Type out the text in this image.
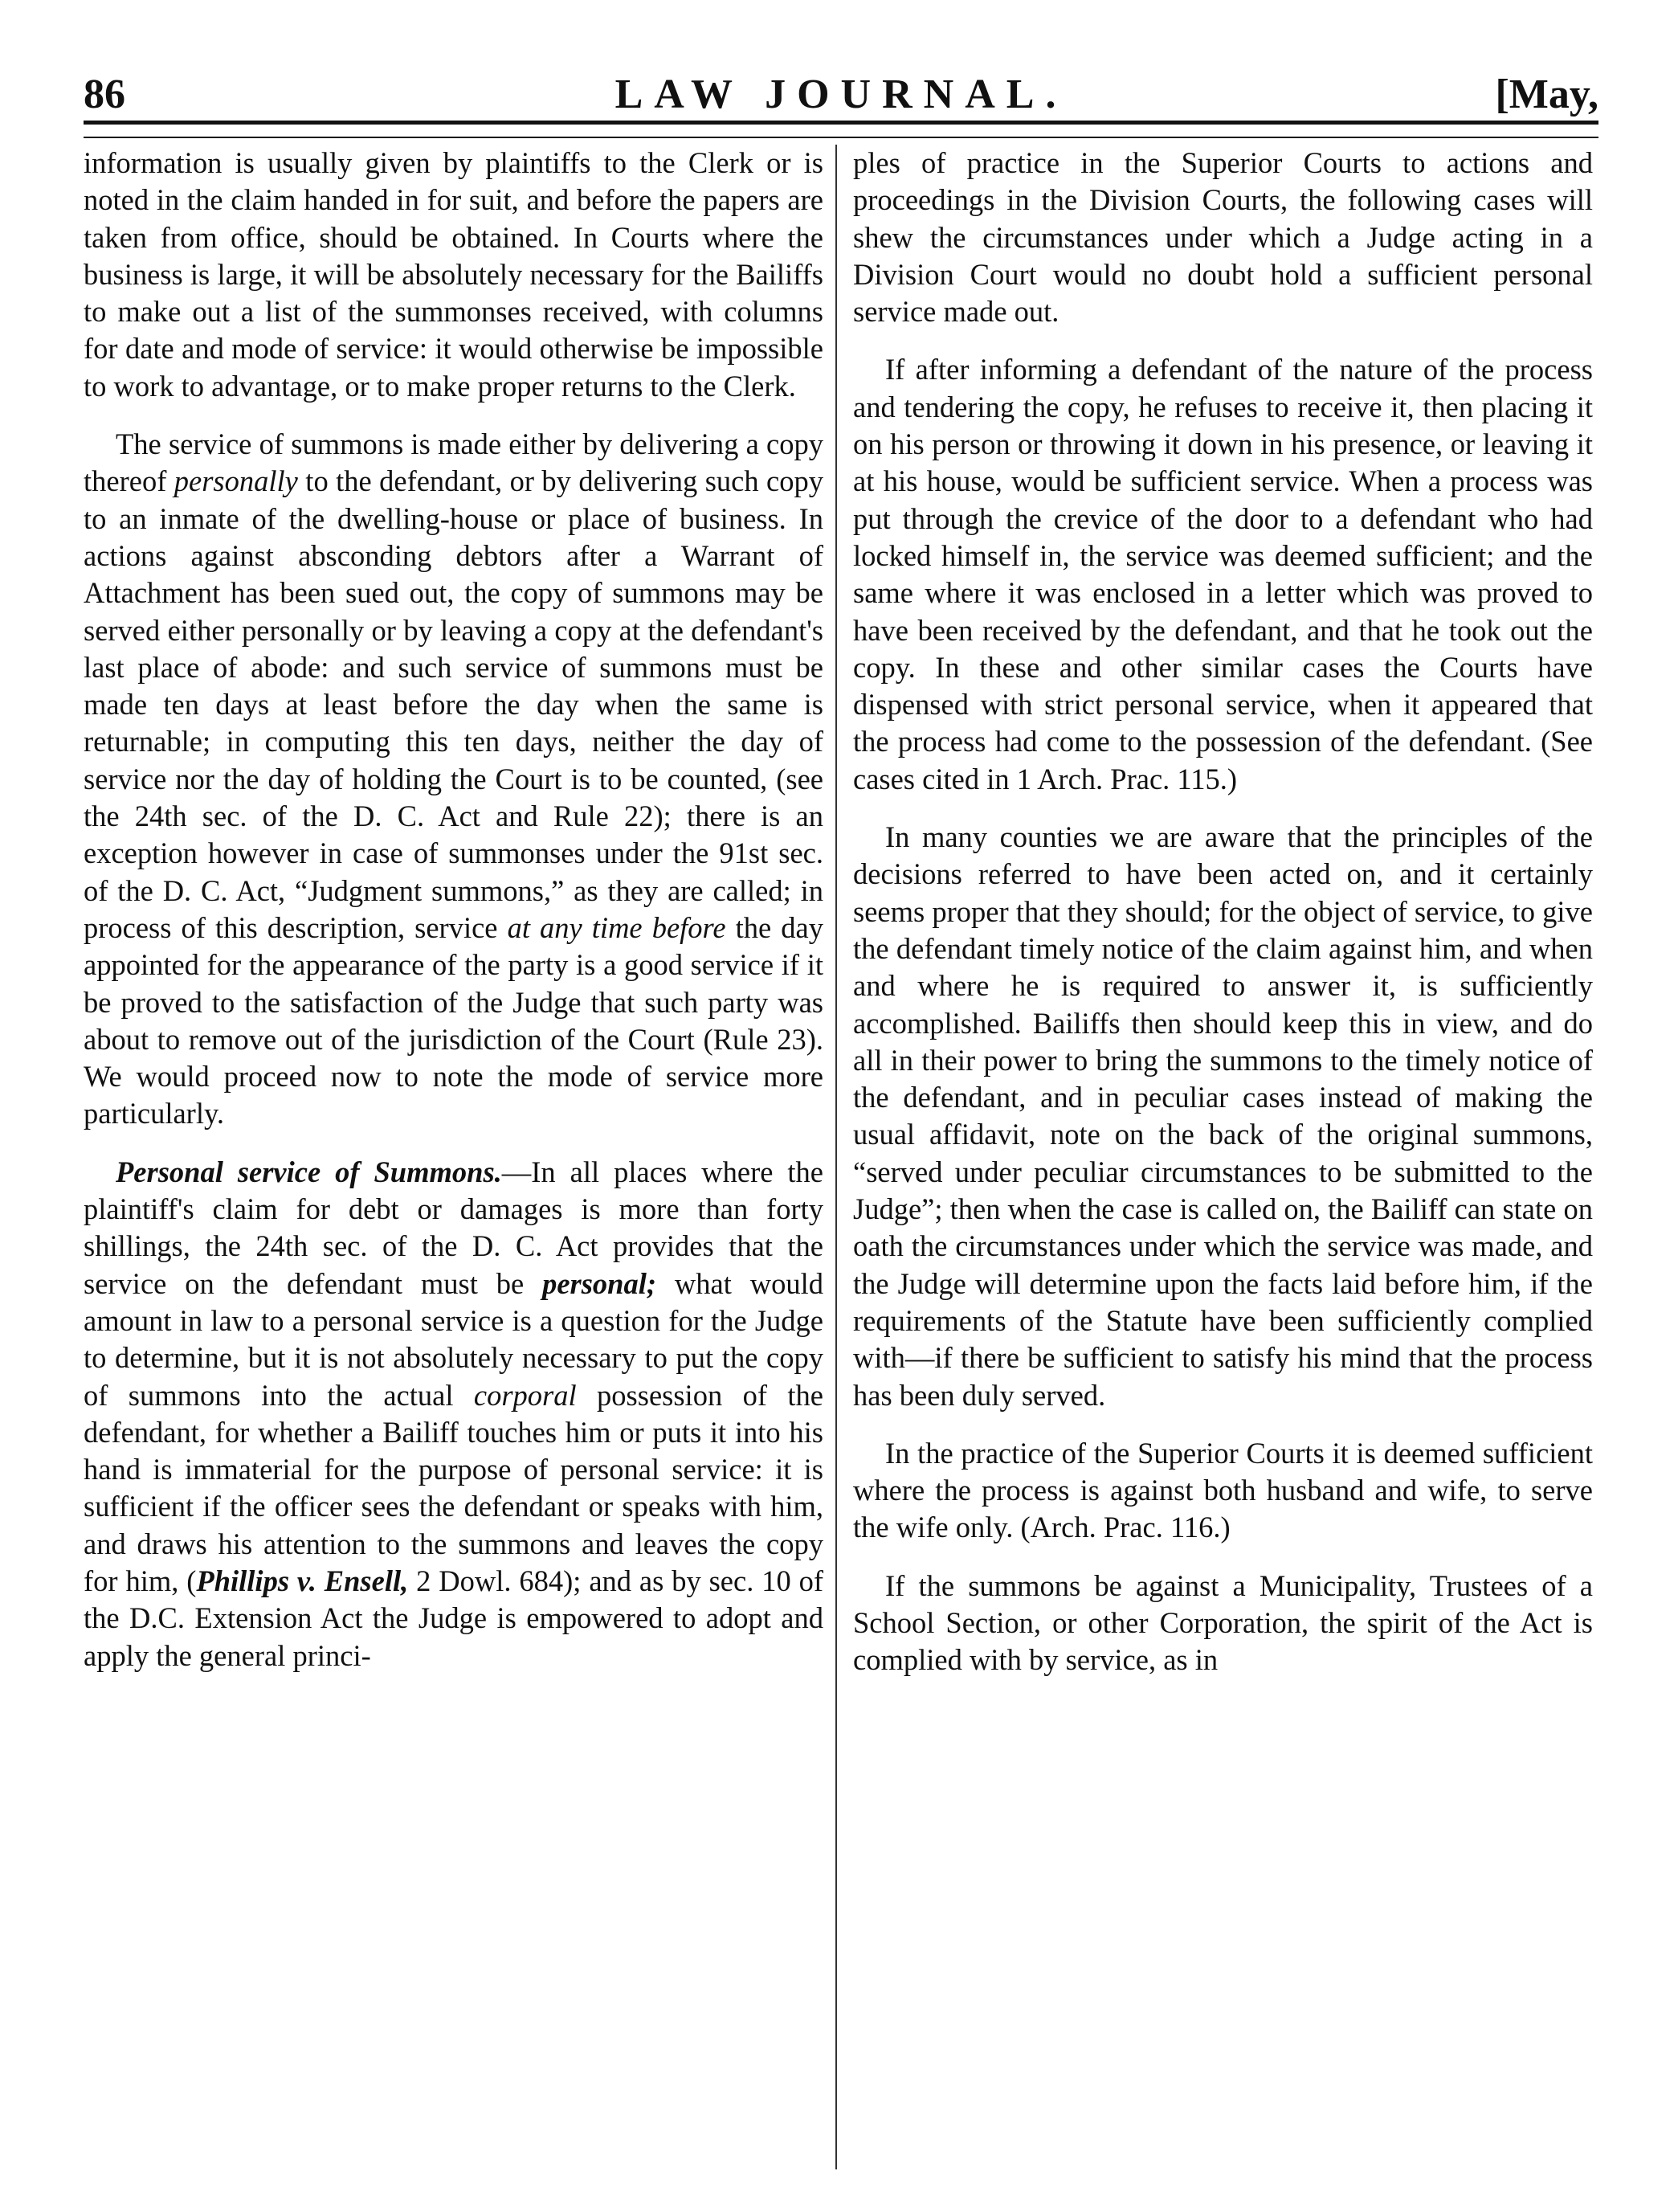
86	LAW JOURNAL.	[May,

information is usually given by plaintiffs to the Clerk or is noted in the claim handed in for suit, and before the papers are taken from office, should be obtained. In Courts where the business is large, it will be absolutely necessary for the Bailiffs to make out a list of the summonses received, with columns for date and mode of service: it would otherwise be impossible to work to advantage, or to make proper returns to the Clerk.

The service of summons is made either by delivering a copy thereof personally to the defendant, or by delivering such copy to an inmate of the dwelling-house or place of business. In actions against absconding debtors after a Warrant of Attachment has been sued out, the copy of summons may be served either personally or by leaving a copy at the defendant's last place of abode: and such service of summons must be made ten days at least before the day when the same is returnable; in computing this ten days, neither the day of service nor the day of holding the Court is to be counted, (see the 24th sec. of the D. C. Act and Rule 22); there is an exception however in case of summonses under the 91st sec. of the D. C. Act, “Judgment summons,” as they are called; in process of this description, service at any time before the day appointed for the appearance of the party is a good service if it be proved to the satisfaction of the Judge that such party was about to remove out of the jurisdiction of the Court (Rule 23). We would proceed now to note the mode of service more particularly.

Personal service of Summons.—In all places where the plaintiff's claim for debt or damages is more than forty shillings, the 24th sec. of the D. C. Act provides that the service on the defendant must be personal; what would amount in law to a personal service is a question for the Judge to determine, but it is not absolutely necessary to put the copy of summons into the actual corporal possession of the defendant, for whether a Bailiff touches him or puts it into his hand is immaterial for the purpose of personal service: it is sufficient if the officer sees the defendant or speaks with him, and draws his attention to the summons and leaves the copy for him, (Phillips v. Ensell, 2 Dowl. 684); and as by sec. 10 of the D.C. Extension Act the Judge is empowered to adopt and apply the general princi-

ples of practice in the Superior Courts to actions and proceedings in the Division Courts, the following cases will shew the circumstances under which a Judge acting in a Division Court would no doubt hold a sufficient personal service made out.

If after informing a defendant of the nature of the process and tendering the copy, he refuses to receive it, then placing it on his person or throwing it down in his presence, or leaving it at his house, would be sufficient service. When a process was put through the crevice of the door to a defendant who had locked himself in, the service was deemed sufficient; and the same where it was enclosed in a letter which was proved to have been received by the defendant, and that he took out the copy. In these and other similar cases the Courts have dispensed with strict personal service, when it appeared that the process had come to the possession of the defendant. (See cases cited in 1 Arch. Prac. 115.)

In many counties we are aware that the principles of the decisions referred to have been acted on, and it certainly seems proper that they should; for the object of service, to give the defendant timely notice of the claim against him, and when and where he is required to answer it, is sufficiently accomplished. Bailiffs then should keep this in view, and do all in their power to bring the summons to the timely notice of the defendant, and in peculiar cases instead of making the usual affidavit, note on the back of the original summons, “served under peculiar circumstances to be submitted to the Judge”; then when the case is called on, the Bailiff can state on oath the circumstances under which the service was made, and the Judge will determine upon the facts laid before him, if the requirements of the Statute have been sufficiently complied with—if there be sufficient to satisfy his mind that the process has been duly served.

In the practice of the Superior Courts it is deemed sufficient where the process is against both husband and wife, to serve the wife only. (Arch. Prac. 116.)

If the summons be against a Municipality, Trustees of a School Section, or other Corporation, the spirit of the Act is complied with by service, as in
